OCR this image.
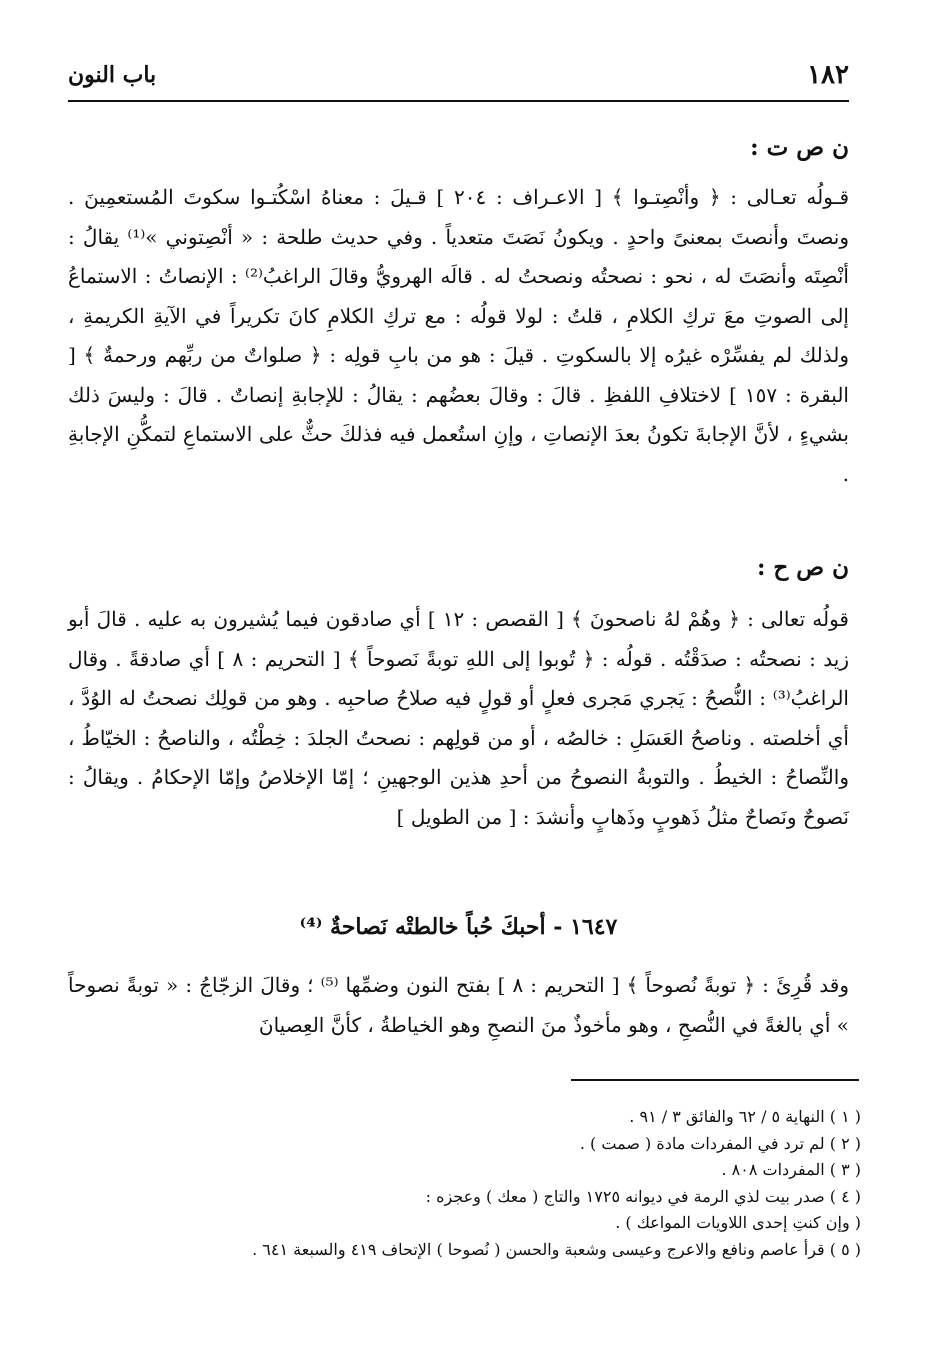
١٨٢
باب النون
ن ص ت :

قـولُه تعـالى : ﴿ وأنْصِتـوا ﴾ [ الاعـراف : ٢٠٤ ] قـيلَ : معناهُ اسْكُتـوا سكوتَ المُستعمِينَ . ونصتَ وأنصتَ بمعنىً واحدٍ . ويكونُ نَصَتَ متعدياً . وفي حديث طلحة : « أنْصِتوني »⁽¹⁾ يقالُ : أنْصِتَه وأنصَتَ له ، نحو : نصحتُه ونصحتُ له . قالَه الهرويُّ وقالَ الراغبُ⁽²⁾ : الإنصاتُ : الاستماعُ إلى الصوتِ معَ تركِ الكلامِ ، قلتُ : لولا قولُه : مع تركِ الكلامِ كانَ تكريراً في الآيةِ الكريمةِ ، ولذلك لم يفسِّرْه غيرُه إلا بالسكوتِ . قيلَ : هو من بابِ قولِه : ﴿ صلواتٌ من ربِّهم ورحمةٌ ﴾ [ البقرة : ١٥٧ ] لاختلافِ اللفظِ . قالَ : وقالَ بعضُهم : يقالُ : للإجابةِ إنصاتٌ . قالَ : وليسَ ذلك بشيءٍ ، لأنَّ الإجابةَ تكونُ بعدَ الإنصاتِ ، وإنِ استُعمل فيه فذلكَ حثٌّ على الاستماعِ لتمكُّنِ الإجابةِ .

ن ص ح :

قولُه تعالى : ﴿ وهُمْ لهُ ناصحونَ ﴾ [ القصص : ١٢ ] أي صادقون فيما يُشيرون به عليه . قالَ أبو زيد : نصحتُه : صدَقْتُه . قولُه : ﴿ تُوبوا إلى اللهِ توبةً نَصوحاً ﴾ [ التحريم : ٨ ] أي صادقةً . وقال الراغبُ⁽³⁾ : النُّصحُ : يَجري مَجرى فعلٍ أو قولٍ فيه صلاحُ صاحبِه . وهو من قولِك نصحتُ له الوُدَّ ، أي أخلصته . وناصحُ العَسَلِ : خالصُه ، أو من قولِهم : نصحتُ الجلدَ : خِطْتُه ، والناصحُ : الخيّاطُ ، والنِّصاحُ : الخيطُ . والتوبةُ النصوحُ من أحدِ هذين الوجهينِ ؛ إمّا الإخلاصُ وإمّا الإحكامُ . ويقالُ : نَصوحٌ ونَصاحٌ مثلُ ذَهوبٍ وذَهابٍ وأنشدَ : [ من الطويل ]

١٦٤٧ - أحبكَ حُباً خالطتْه نَصاحةٌ ⁽⁴⁾

وقد قُرِئَ : ﴿ توبةً نُصوحاً ﴾ [ التحريم : ٨ ] بفتح النون وضمِّها ⁽⁵⁾ ؛ وقالَ الزجّاجُ : « توبةً نصوحاً » أي بالغةً في النُّصحِ ، وهو مأخوذٌ منَ النصحِ وهو الخياطةُ ، كأنَّ العِصيانَ

( ١ ) النهاية ٥ / ٦٢ والفائق ٣ / ٩١ .
( ٢ ) لم ترد في المفردات مادة ( صمت ) .
( ٣ ) المفردات ٨٠٨ .
( ٤ ) صدر بيت لذي الرمة في ديوانه ١٧٢٥ والتاج ( معك ) وعجزه :
( وإن كنتِ إحدى اللاويات المواعك ) .
( ٥ ) قرأ عاصم ونافع والاعرج وعيسى وشعبة والحسن ( نُصوحا ) الإتحاف ٤١٩ والسبعة ٦٤١ .
